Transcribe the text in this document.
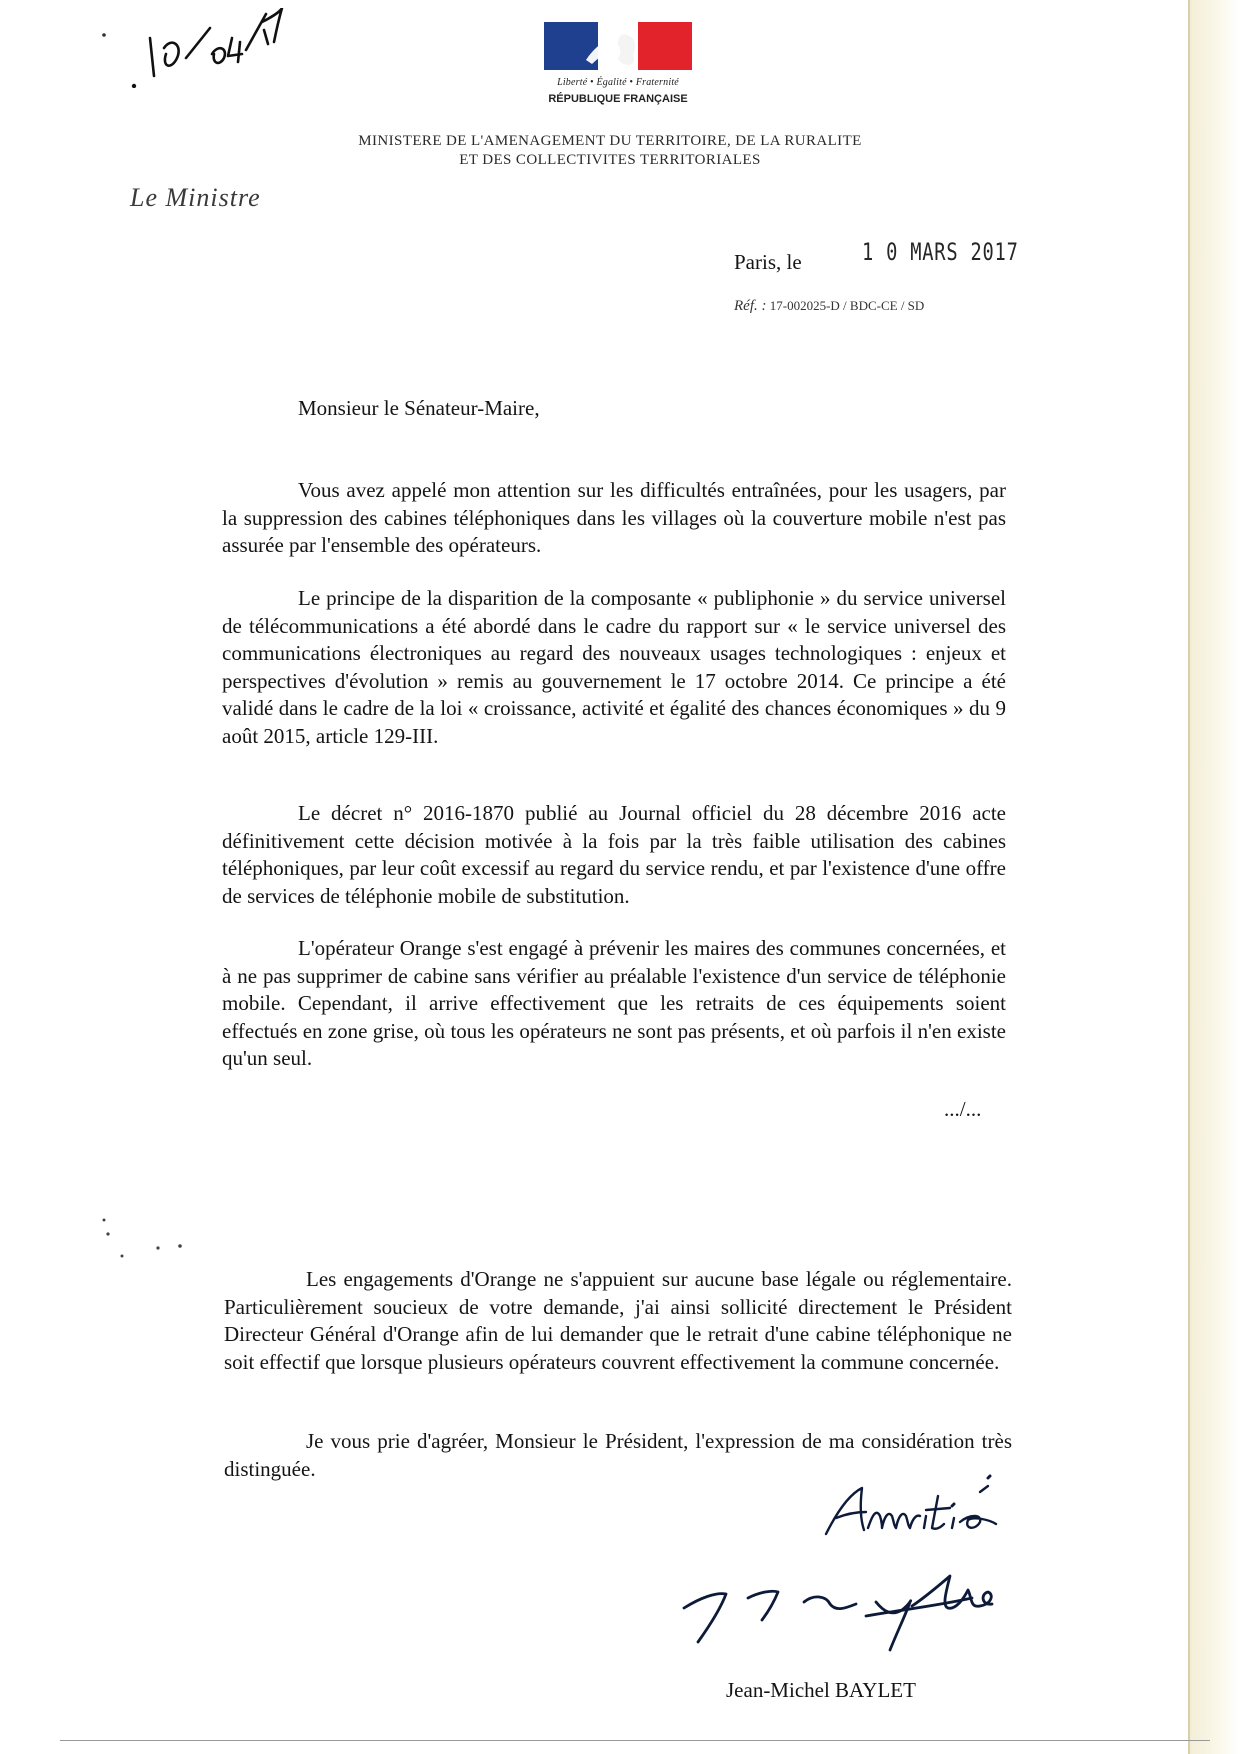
Liberté • Égalité • Fraternité
RÉPUBLIQUE FRANÇAISE
MINISTERE DE L'AMENAGEMENT DU TERRITOIRE, DE LA RURALITE
ET DES COLLECTIVITES TERRITORIALES
Le Ministre
Paris, le	1 0 MARS 2017
Réf. : 17-002025-D / BDC-CE / SD
Monsieur le Sénateur-Maire,

Vous avez appelé mon attention sur les difficultés entraînées, pour les usagers, par la suppression des cabines téléphoniques dans les villages où la couverture mobile n'est pas assurée par l'ensemble des opérateurs.

Le principe de la disparition de la composante « publiphonie » du service universel de télécommunications a été abordé dans le cadre du rapport sur « le service universel des communications électroniques au regard des nouveaux usages technologiques : enjeux et perspectives d'évolution » remis au gouvernement le 17 octobre 2014. Ce principe a été validé dans le cadre de la loi « croissance, activité et égalité des chances économiques » du 9 août 2015, article 129-III.

Le décret n° 2016-1870 publié au Journal officiel du 28 décembre 2016 acte définitivement cette décision motivée à la fois par la très faible utilisation des cabines téléphoniques, par leur coût excessif au regard du service rendu, et par l'existence d'une offre de services de téléphonie mobile de substitution.

L'opérateur Orange s'est engagé à prévenir les maires des communes concernées, et à ne pas supprimer de cabine sans vérifier au préalable l'existence d'un service de téléphonie mobile. Cependant, il arrive effectivement que les retraits de ces équipements soient effectués en zone grise, où tous les opérateurs ne sont pas présents, et où parfois il n'en existe qu'un seul.

.../...

Les engagements d'Orange ne s'appuient sur aucune base légale ou réglementaire. Particulièrement soucieux de votre demande, j'ai ainsi sollicité directement le Président Directeur Général d'Orange afin de lui demander que le retrait d'une cabine téléphonique ne soit effectif que lorsque plusieurs opérateurs couvrent effectivement la commune concernée.

Je vous prie d'agréer, Monsieur le Président, l'expression de ma considération très distinguée.

Jean-Michel BAYLET
